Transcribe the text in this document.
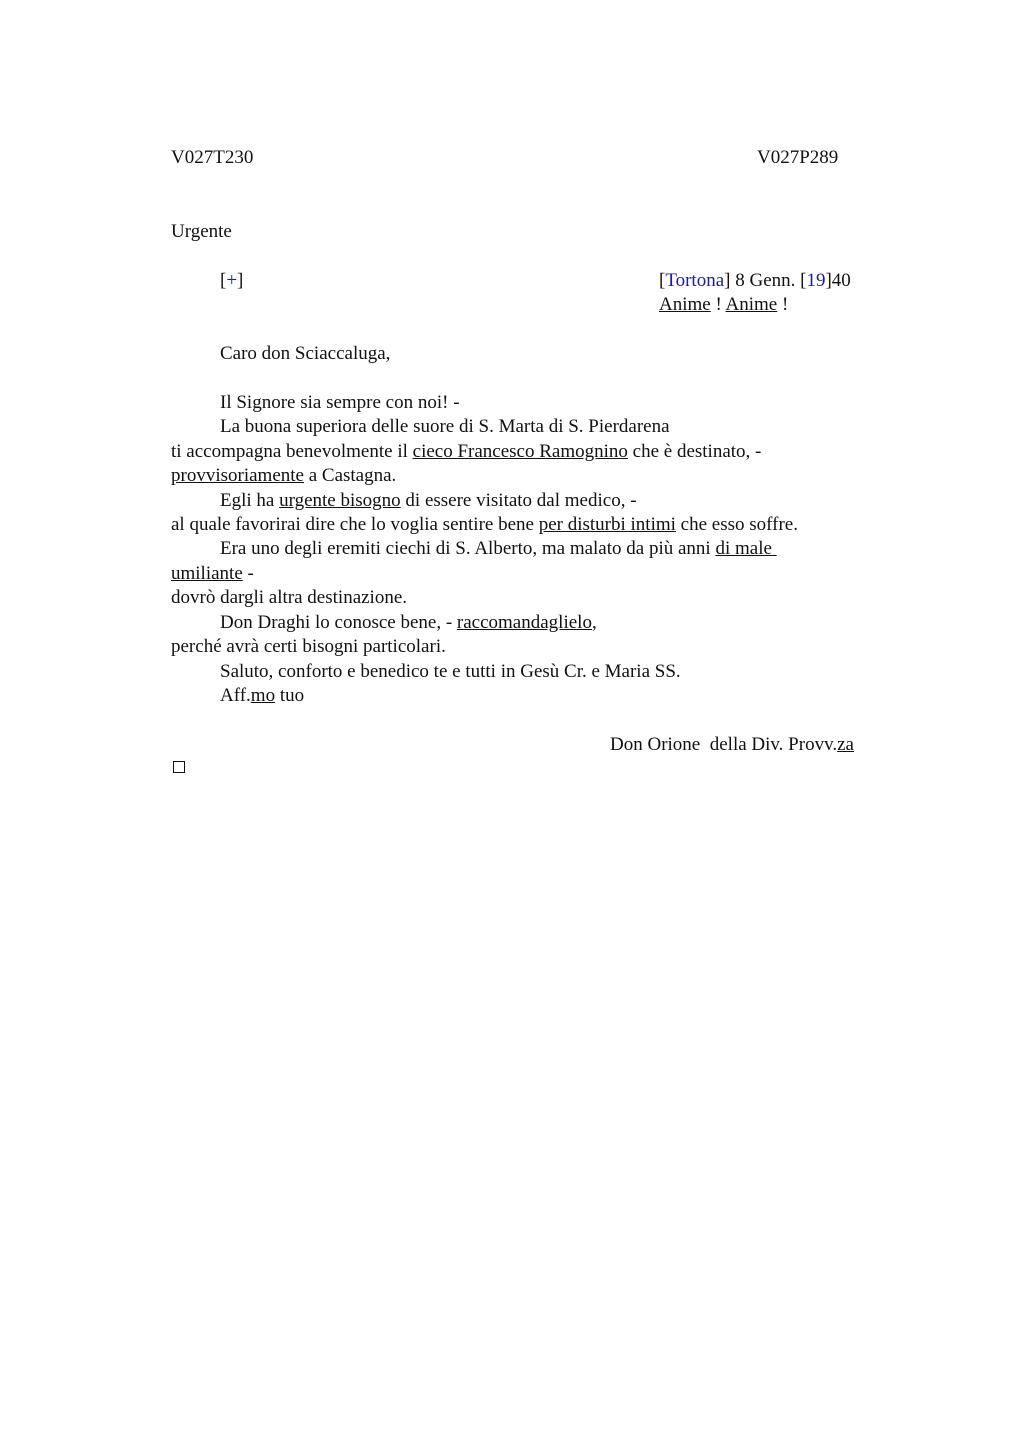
V027T230	V027P289
Urgente
[+]	[Tortona] 8 Genn. [19]40
Anime ! Anime !
Caro don Sciaccaluga,
Il Signore sia sempre con noi! -
La buona superiora delle suore di S. Marta di S. Pierdarena
ti accompagna benevolmente il cieco Francesco Ramognino che è destinato, -
provvisoriamente a Castagna.
Egli ha urgente bisogno di essere visitato dal medico, -
al quale favorirai dire che lo voglia sentire bene per disturbi intimi che esso soffre.
Era uno degli eremiti ciechi di S. Alberto, ma malato da più anni di male
umiliante -
dovrò dargli altra destinazione.
Don Draghi lo conosce bene, - raccomandaglielo,
perché avrà certi bisogni particolari.
Saluto, conforto e benedico te e tutti in Gesù Cr. e Maria SS.
Aff.mo tuo
Don Orione  della Div. Provv.za
